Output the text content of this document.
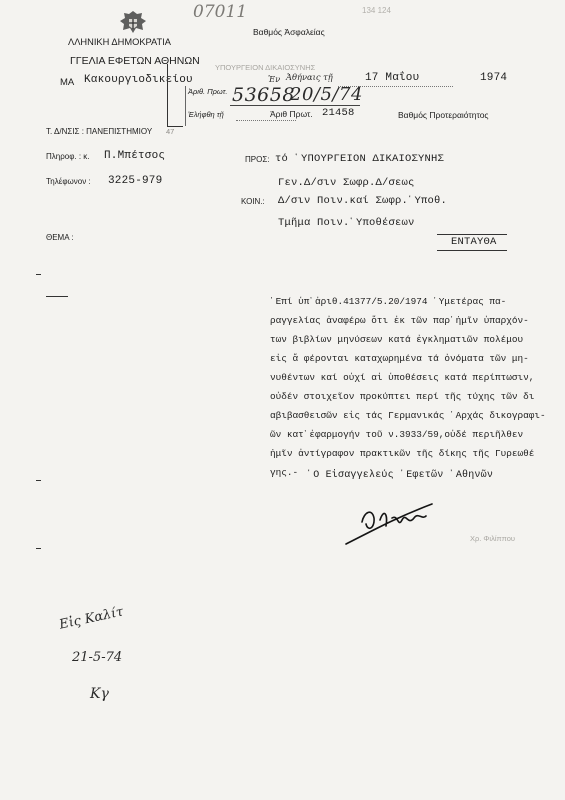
07011	134 124
Βαθμός Ἀσφαλείας
ΛΛΗΝΙΚΗ ΔΗΜΟΚΡΑΤΙΑ
ΓΓΕΛΙΑ ΕΦΕΤΩΝ ΑΘΗΝΩΝ
ΜΑ Κακουργιοδικείου
ΥΠΟΥΡΓΕΙΟΝ ΔΙΚΑΙΟΣΥΝΗΣ
Ἐν Ἀθήναις τῇ	17 Μαΐου	1974
Ἀριθ. Πρωτ. 53658
20/5/74
Ἐλήφθη τῇ	Ἀριθ Πρωτ. 21458	Βαθμός Προτεραιότητος
Τ. Δ/ΝΣΙΣ : ΠΑΝΕΠΙΣΤΗΜΙΟΥ 47
Πληροφ. : κ. Π.Μπέτσος
Τηλέφωνον : 3225-979
ΠΡΟΣ: τό ῾ΥΠΟΥΡΓΕΙΟΝ ΔΙΚΑΙΟΣΥΝΗΣ
Γεν.Δ/σιν Σωφρ.Δ/σεως
ΚΟΙΝ.: Δ/σιν Ποιν.καί Σωφρ.῾Υποθ.
Τμῆμα Ποιν.῾Υποθέσεων
ΕΝΤΑΥΘΑ
ΘΕΜΑ :
῾Επί ὑπ᾿ἀριθ.41377/5.20/1974 ῾Υμετέρας πα-
ραγγελίας ἀναφέρω ὅτι ἐκ τῶν παρ᾿ἡμῖν ὑπαρχόν-
των βιβλίων μηνύσεων κατά ἐγκληματιῶν πολέμου
εἰς ἅ φέρονται καταχωρημένα τά ὀνόματα τῶν μη-
νυθέντων καί οὐχί αἱ ὑποθέσεις κατά περίπτωσιν,
οὐδέν στοιχεῖον προκύπτει περί τῆς τύχης τῶν δι
αβιβασθεισῶν εἰς τάς Γερμανικάς ᾿Αρχάς δικογραφι-
ῶν κατ᾿ἐφαρμογήν τοῦ ν.3933/59,οὐδέ περιῆλθεν
ἡμῖν ἀντίγραφον πρακτικῶν τῆς δίκης τῆς Γυρεωθέ
γης.- ῾Ο Εἰσαγγελεύς ᾿Εφετῶν ᾿Αθηνῶν
Χρ. Φιλίππου
Εἰς Καλίτ
21-5-74
Κγ
